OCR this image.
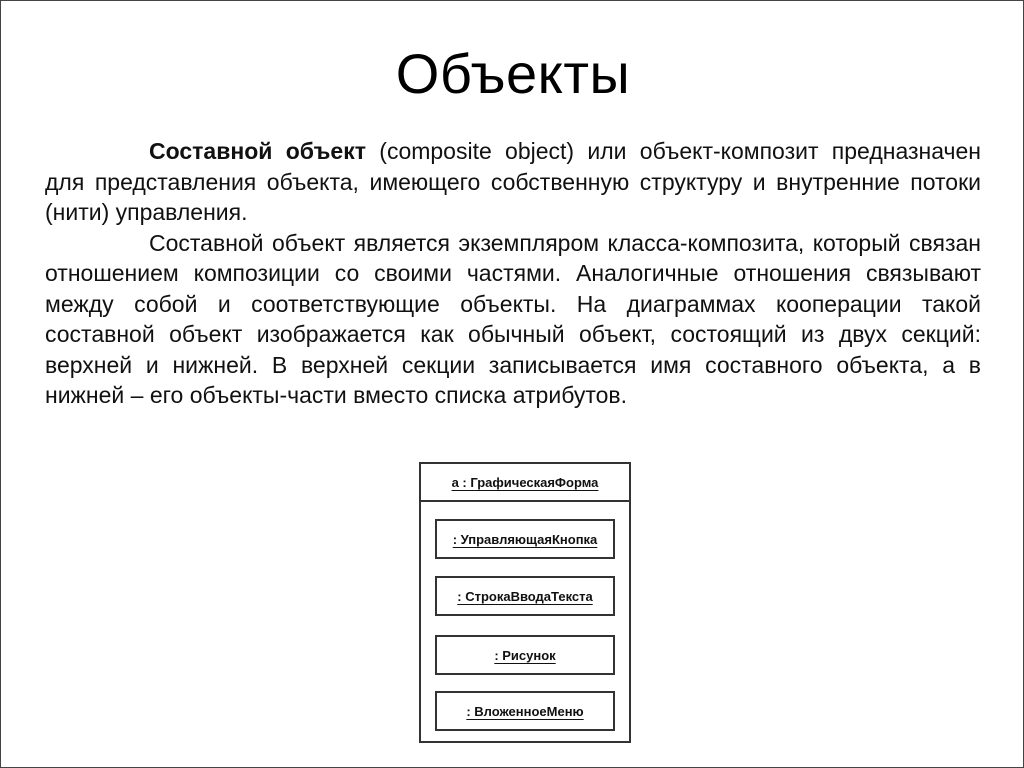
Объекты

Составной объект (composite object) или объект-композит предназначен для представления объекта, имеющего собственную структуру и внутренние потоки (нити) управления.

Составной объект является экземпляром класса-композита, который связан отношением композиции со своими частями. Аналогичные отношения связывают между собой и соответствующие объекты. На диаграммах кооперации такой составной объект изображается как обычный объект, состоящий из двух секций: верхней и нижней. В верхней секции записывается имя составного объекта, а в нижней – его объекты-части вместо списка атрибутов.

а : ГрафическаяФорма
: УправляющаяКнопка
: СтрокаВводаТекста
: Рисунок
: ВложенноеМеню
